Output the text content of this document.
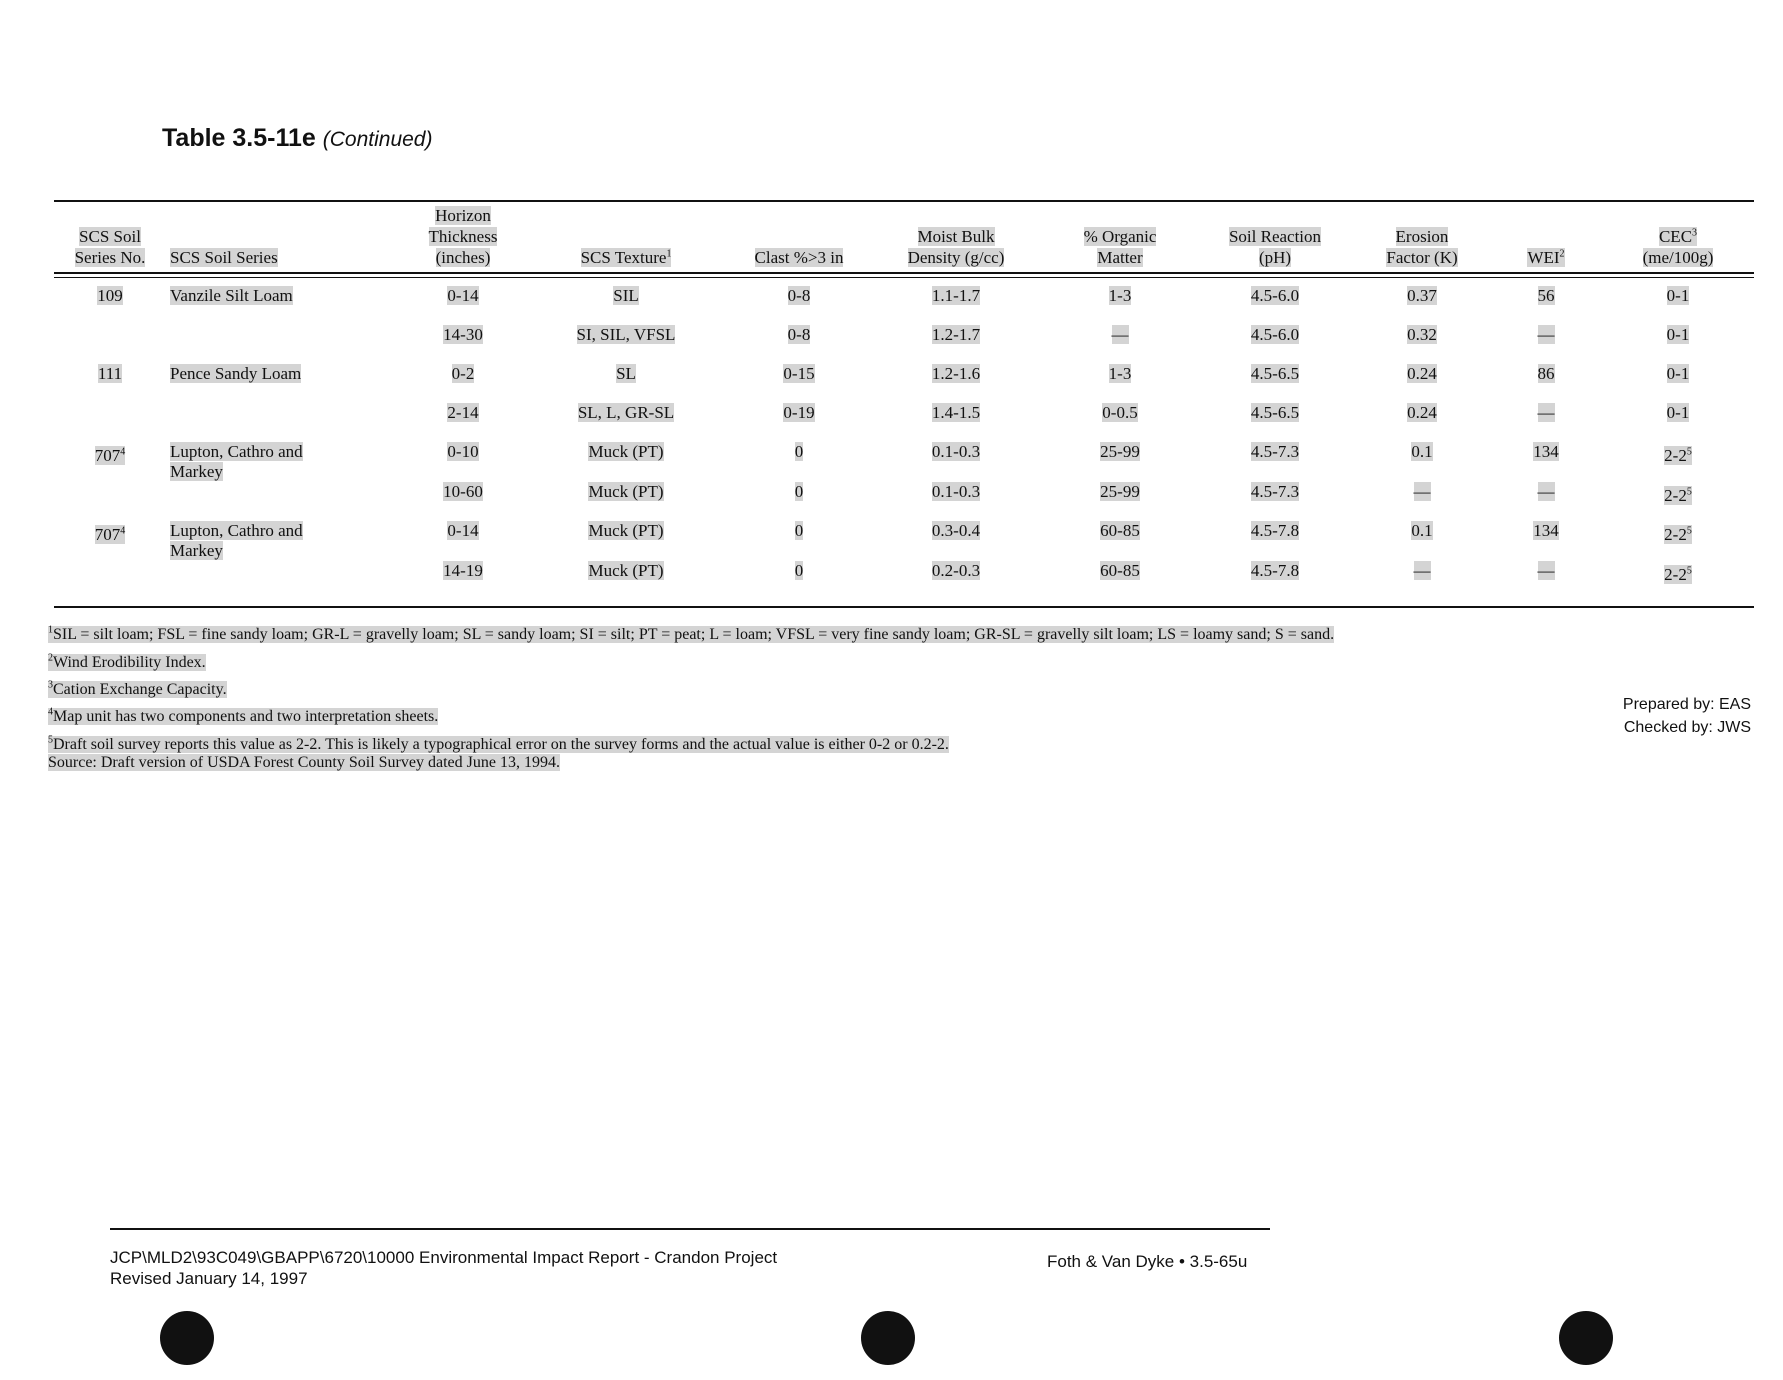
Table 3.5-11e (Continued)
SCS Soil
Series No.	SCS Soil Series	Horizon
Thickness
(inches)	SCS Texture$^1$	Clast %>3 in	Moist Bulk
Density (g/cc)	% Organic
Matter	Soil Reaction
(pH)	Erosion
Factor (K)	WEI$^2$	CEC$^3$
(me/100g)
109	Vanzile Silt Loam	0-14	SIL	0-8	1.1-1.7	1-3	4.5-6.0	0.37	56	0-1
		14-30	SI, SIL, VFSL	0-8	1.2-1.7	—	4.5-6.0	0.32	—	0-1
111	Pence Sandy Loam	0-2	SL	0-15	1.2-1.6	1-3	4.5-6.5	0.24	86	0-1
		2-14	SL, L, GR-SL	0-19	1.4-1.5	0-0.5	4.5-6.5	0.24	—	0-1
$707^4$	Lupton, Cathro and
Markey	0-10	Muck (PT)	0	0.1-0.3	25-99	4.5-7.3	0.1	134	$2-2^5$
		10-60	Muck (PT)	0	0.1-0.3	25-99	4.5-7.3	—	—	$2-2^5$
$707^4$	Lupton, Cathro and
Markey	0-14	Muck (PT)	0	0.3-0.4	60-85	4.5-7.8	0.1	134	$2-2^5$
		14-19	Muck (PT)	0	0.2-0.3	60-85	4.5-7.8	—	—	$2-2^5$
$^1$SIL = silt loam; FSL = fine sandy loam; GR-L = gravelly loam; SL = sandy loam; SI = silt; PT = peat; L = loam; VFSL = very fine sandy loam; GR-SL = gravelly silt loam; LS = loamy sand; S = sand.
$^2$Wind Erodibility Index.
$^3$Cation Exchange Capacity.
$^4$Map unit has two components and two interpretation sheets.
$^5$Draft soil survey reports this value as 2-2. This is likely a typographical error on the survey forms and the actual value is either 0-2 or 0.2-2.
Prepared by: EAS
Checked by: JWS
Source: Draft version of USDA Forest County Soil Survey dated June 13, 1994.
JCP\MLD2\93C049\GBAPP\6720\10000 Environmental Impact Report - Crandon Project
Revised January 14, 1997
Foth & Van Dyke • 3.5-65u
